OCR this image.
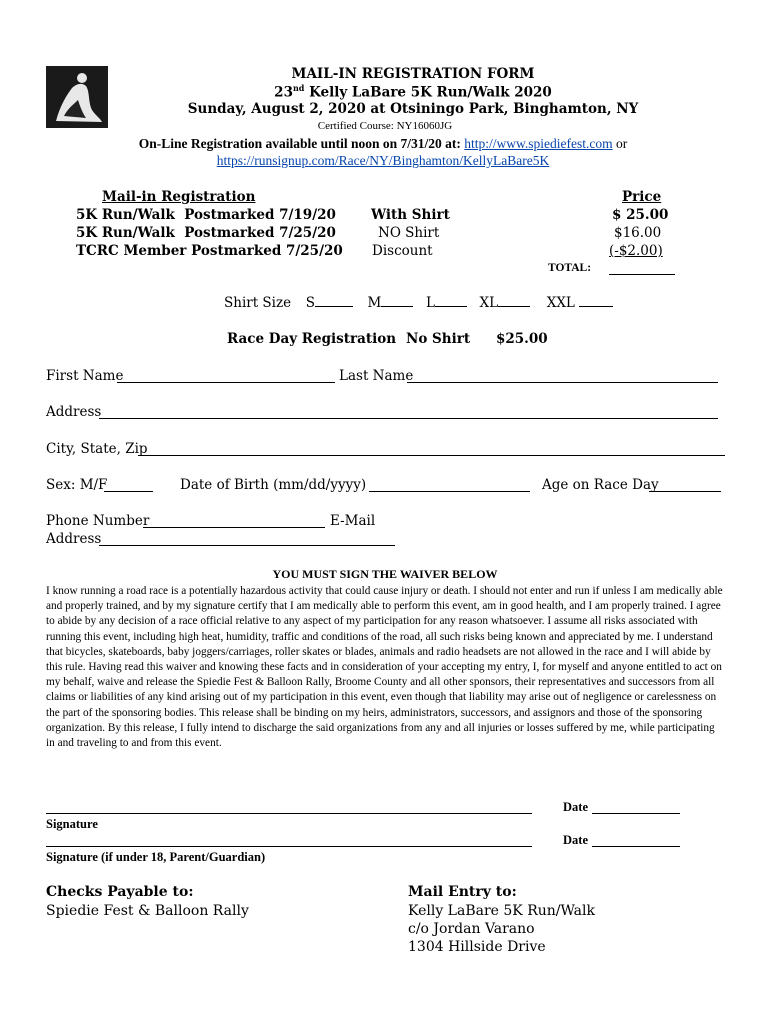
MAIL-IN REGISTRATION FORM
23nd Kelly LaBare 5K Run/Walk 2020
Sunday, August 2, 2020 at Otsiningo Park, Binghamton, NY
Certified Course: NY16060JG
On-Line Registration available until noon on 7/31/20 at: http://www.spiediefest.com or
https://runsignup.com/Race/NY/Binghamton/KellyLaBare5K
Mail-in Registration	Price
5K Run/Walk  Postmarked 7/19/20	With Shirt	$ 25.00
5K Run/Walk  Postmarked 7/25/20	NO Shirt	$16.00
TCRC Member Postmarked 7/25/20 Discount	(-$2.00)
TOTAL:
Shirt Size S	M	L	XL	XXL
Race Day Registration No Shirt $25.00
First Name	Last Name
Address
City, State, Zip
Sex: M/F	Date of Birth (mm/dd/yyyy)	Age on Race Day
Phone Number	E-Mail
Address
YOU MUST SIGN THE WAIVER BELOW
I know running a road race is a potentially hazardous activity that could cause injury or death. I should not enter and run if unless I am medically able and properly trained, and by my signature certify that I am medically able to perform this event, am in good health, and I am properly trained. I agree to abide by any decision of a race official relative to any aspect of my participation for any reason whatsoever. I assume all risks associated with running this event, including high heat, humidity, traffic and conditions of the road, all such risks being known and appreciated by me. I understand that bicycles, skateboards, baby joggers/carriages, roller skates or blades, animals and radio headsets are not allowed in the race and I will abide by this rule. Having read this waiver and knowing these facts and in consideration of your accepting my entry, I, for myself and anyone entitled to act on my behalf, waive and release the Spiedie Fest & Balloon Rally, Broome County and all other sponsors, their representatives and successors from all claims or liabilities of any kind arising out of my participation in this event, even though that liability may arise out of negligence or carelessness on the part of the sponsoring bodies. This release shall be binding on my heirs, administrators, successors, and assignors and those of the sponsoring organization. By this release, I fully intend to discharge the said organizations from any and all injuries or losses suffered by me, while participating in and traveling to and from this event.
Date
Signature
Date
Signature (if under 18, Parent/Guardian)
Checks Payable to:
Spiedie Fest & Balloon Rally
Mail Entry to:
Kelly LaBare 5K Run/Walk
c/o Jordan Varano
1304 Hillside Drive
